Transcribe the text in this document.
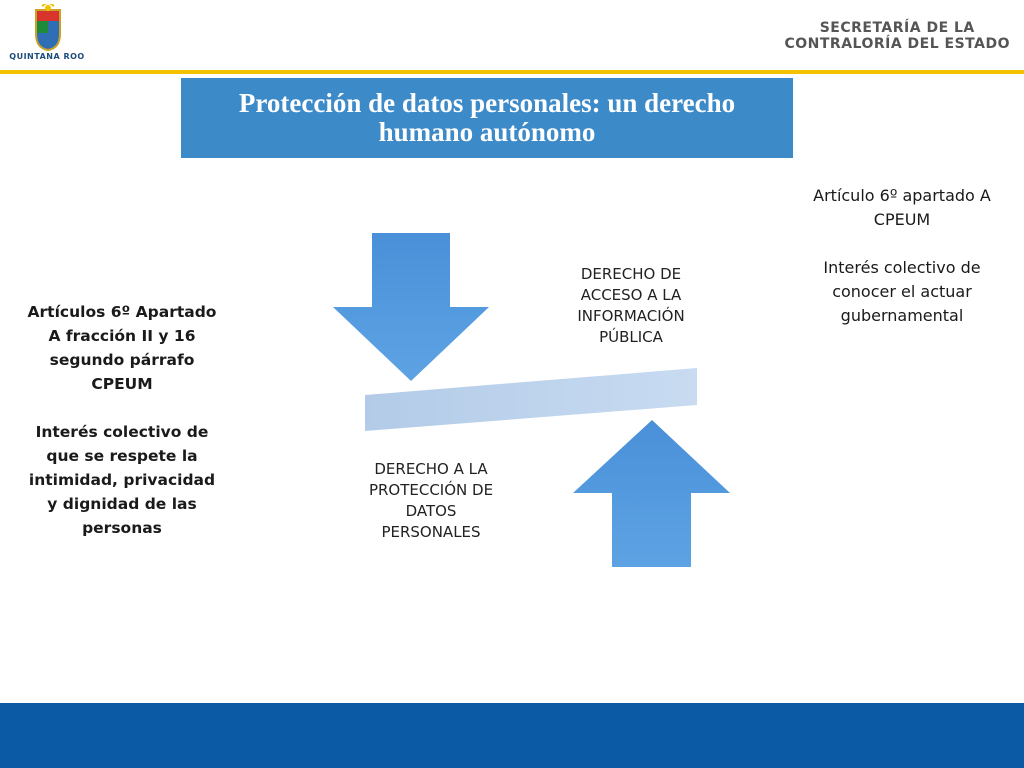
QUINTANA ROO
SECRETARÍA DE LA
CONTRALORÍA DEL ESTADO

Protección de datos personales: un derecho humano autónomo

DERECHO DE ACCESO A LA INFORMACIÓN PÚBLICA
DERECHO A LA PROTECCIÓN DE DATOS PERSONALES
Artículos 6º Apartado A fracción II y 16 segundo párrafo CPEUM
Interés colectivo de que se respete la intimidad, privacidad y dignidad de las personas
Artículo 6º apartado A CPEUM
Interés colectivo de conocer el actuar gubernamental
